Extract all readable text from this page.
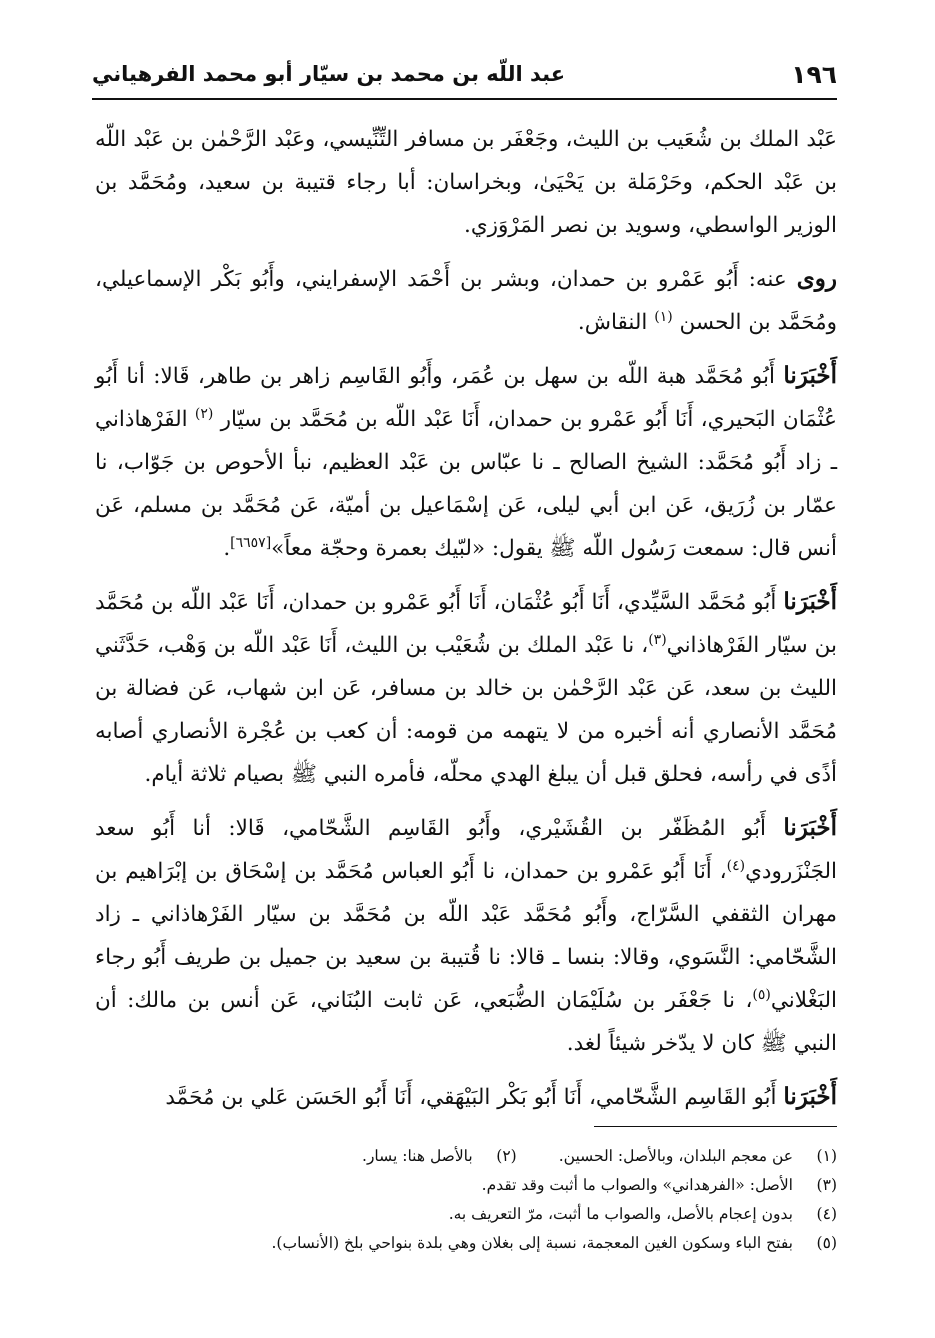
١٩٦
عبد اللّه بن محمد بن سيّار أبو محمد الفرهياني

عَبْد الملك بن شُعَيب بن الليث، وجَعْفَر بن مسافر التِّنِّيسي، وعَبْد الرَّحْمٰن بن عَبْد اللّه بن عَبْد الحكم، وحَرْمَلة بن يَحْيَىٰ، وبخراسان: أبا رجاء قتيبة بن سعيد، ومُحَمَّد بن الوزير الواسطي، وسويد بن نصر المَرْوَزي.

روى عنه: أَبُو عَمْرو بن حمدان، وبشر بن أَحْمَد الإسفرايني، وأَبُو بَكْر الإسماعيلي، ومُحَمَّد بن الحسن $^{(١)}$ النقاش.

أَخْبَرَنا أَبُو مُحَمَّد هبة اللّه بن سهل بن عُمَر، وأَبُو القَاسِم زاهر بن طاهر، قَالا: أنا أَبُو عُثْمَان البَحيري، أَنَا أَبُو عَمْرو بن حمدان، أَنَا عَبْد اللّه بن مُحَمَّد بن سيّار $^{(٢)}$ الفَرْهاذاني ـ زاد أَبُو مُحَمَّد: الشيخ الصالح ـ نا عبّاس بن عَبْد العظيم، نبأ الأحوص بن جَوّاب، نا عمّار بن زُرَيق، عَن ابن أبي ليلى، عَن إسْمَاعيل بن أميّة، عَن مُحَمَّد بن مسلم، عَن أنس قال: سمعت رَسُول اللّه ﷺ يقول: «لبّيك بعمرة وحجّة معاً»[٦٦٥٧].

أَخْبَرَنا أَبُو مُحَمَّد السَّيِّدي، أَنَا أَبُو عُثْمَان، أَنَا أَبُو عَمْرو بن حمدان، أَنَا عَبْد اللّه بن مُحَمَّد بن سيّار الفَرْهاذاني$^{(٣)}$، نا عَبْد الملك بن شُعَيْب بن الليث، أَنَا عَبْد اللّه بن وَهْب، حَدَّثَني الليث بن سعد، عَن عَبْد الرَّحْمٰن بن خالد بن مسافر، عَن ابن شهاب، عَن فضالة بن مُحَمَّد الأنصاري أنه أخبره من لا يتهمه من قومه: أن كعب بن عُجْرة الأنصاري أصابه أذًى في رأسه، فحلق قبل أن يبلغ الهدي محلّه، فأمره النبي ﷺ بصيام ثلاثة أيام.

أَخْبَرَنا أَبُو المُظَفّر بن القُشَيْري، وأَبُو القَاسِم الشَّحّامي، قَالا: أنا أَبُو سعد الجَنْزَرودي$^{(٤)}$، أَنَا أَبُو عَمْرو بن حمدان، نا أَبُو العباس مُحَمَّد بن إسْحَاق بن إبْرَاهيم بن مهران الثقفي السَّرّاج، وأَبُو مُحَمَّد عَبْد اللّه بن مُحَمَّد بن سيّار الفَرْهاذاني ـ زاد الشَّحّامي: النَّسَوي، وقالا: بنسا ـ قالا: نا قُتيبة بن سعيد بن جميل بن طريف أَبُو رجاء البَغْلاني$^{(٥)}$، نا جَعْفَر بن سُلَيْمَان الضُّبَعي، عَن ثابت البُنَاني، عَن أنس بن مالك: أن النبي ﷺ كان لا يدّخر شيئاً لغد.

أَخْبَرَنا أَبُو القَاسِم الشَّحّامي، أَنَا أَبُو بَكْر البَيْهَقي، أَنَا أَبُو الحَسَن عَلي بن مُحَمَّد

(١)
عن معجم البلدان، وبالأصل: الحسين.
(٢)
بالأصل هنا: يسار.
(٣)
الأصل: «الفرهداني» والصواب ما أثبت وقد تقدم.
(٤)
بدون إعجام بالأصل، والصواب ما أثبت، مرّ التعريف به.
(٥)
بفتح الباء وسكون الغين المعجمة، نسبة إلى بغلان وهي بلدة بنواحي بلخ (الأنساب).
